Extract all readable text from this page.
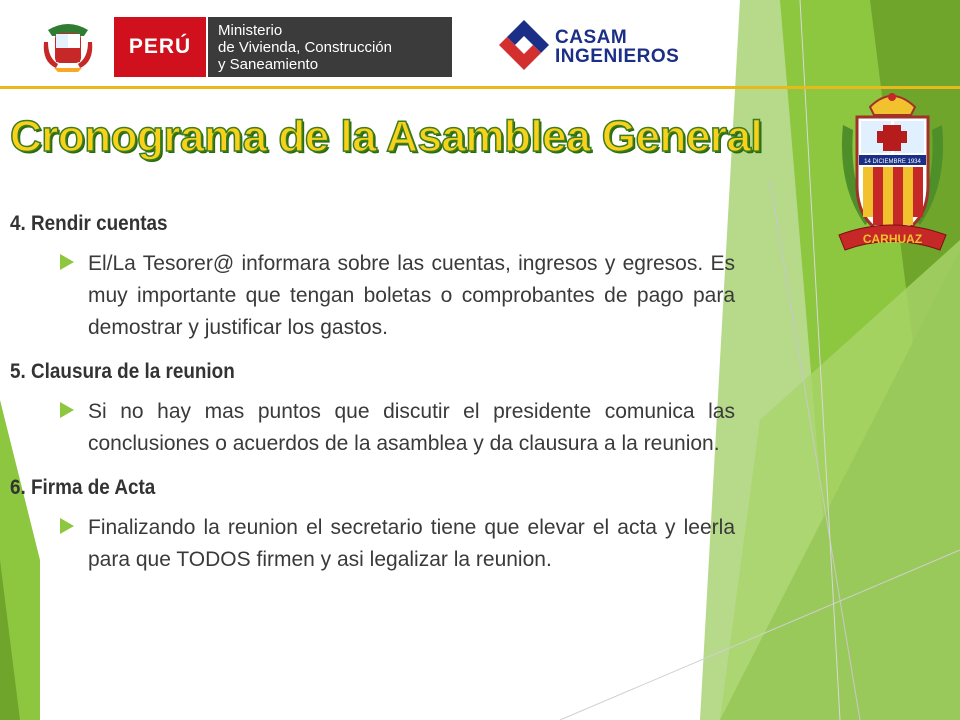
PERÚ
Ministerio
de Vivienda, Construcción
y Saneamiento
CASAM
INGENIEROS
Cronograma de la Asamblea General
14 DICIEMBRE 1934
CARHUAZ
4. Rendir cuentas
El/La Tesorer@ informara sobre las cuentas, ingresos y egresos. Es muy importante que tengan boletas o comprobantes de pago para demostrar y justificar los gastos.
5. Clausura de la reunion
Si no hay mas puntos que discutir el presidente comunica las conclusiones o acuerdos de la asamblea y da clausura a la reunion.
6. Firma de Acta
Finalizando la reunion el secretario tiene que elevar el acta y leerla para que TODOS firmen y asi legalizar la reunion.
